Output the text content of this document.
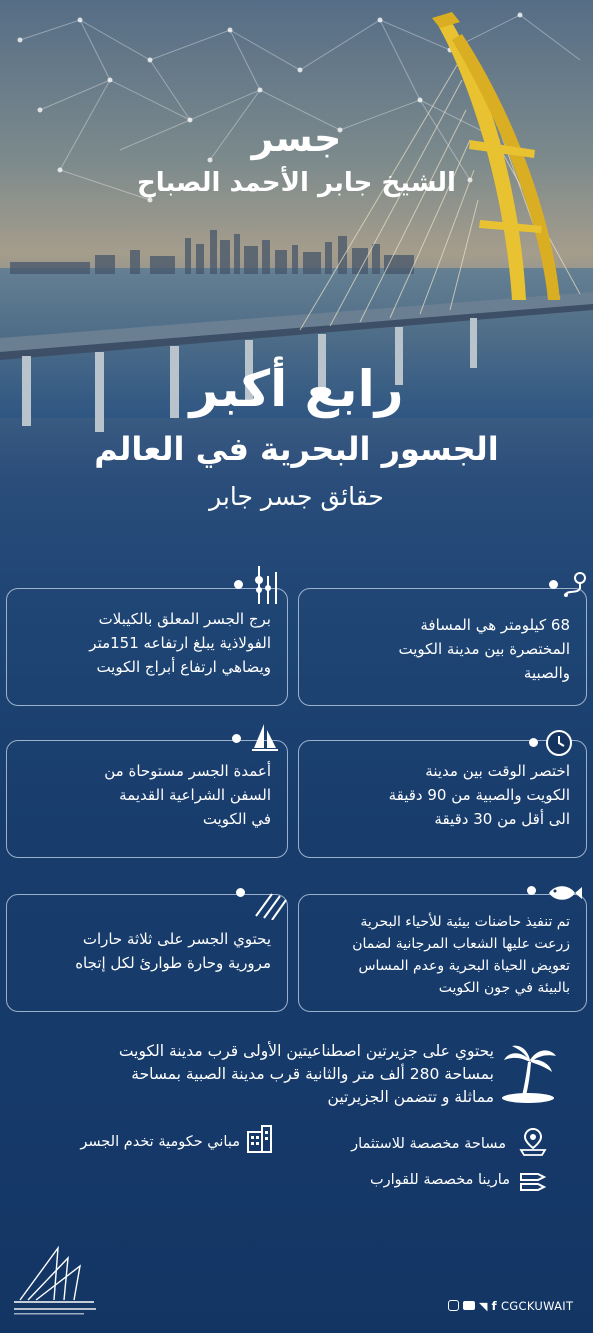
جسر
الشيخ جابر الأحمد الصباح
رابع أكبر
الجسور البحرية في العالم
حقائق جسر جابر
68 كيلومتر هي المسافة
المختصرة بين مدينة الكويت
والصبية
برج الجسر المعلق بالكيبلات
الفولاذية يبلغ ارتفاعه 151متر
ويضاهي ارتفاع أبراج الكويت
اختصر الوقت بين مدينة
الكويت والصبية من 90 دقيقة
الى أقل من 30 دقيقة
أعمدة الجسر مستوحاة من
السفن الشراعية القديمة
في الكويت
تم تنفيذ حاضنات بيئية للأحياء البحرية
زرعت عليها الشعاب المرجانية لضمان
تعويض الحياة البحرية وعدم المساس
بالبيئة في جون الكويت
يحتوي الجسر على ثلاثة حارات
مرورية وحارة طوارئ لكل إتجاه
يحتوي على جزيرتين اصطناعيتين الأولى قرب مدينة الكويت
بمساحة 280 ألف متر والثانية قرب مدينة الصبية بمساحة
مماثلة و تتضمن الجزيرتين
مساحة مخصصة للاستثمار
مباني حكومية تخدم الجسر
مارينا مخصصة للقوارب
◥ f CGCKUWAIT
